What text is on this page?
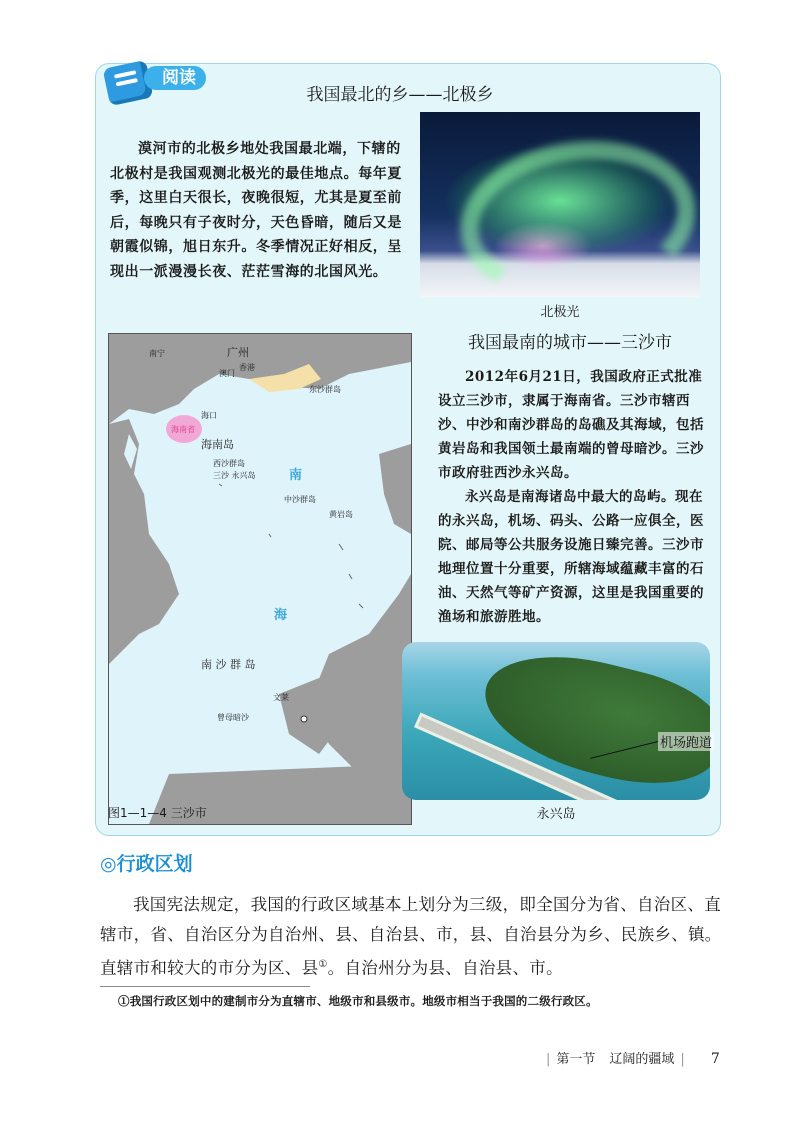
阅读
我国最北的乡——北极乡

漠河市的北极乡地处我国最北端，下辖的北极村是我国观测北极光的最佳地点。每年夏季，这里白天很长，夜晚很短，尤其是夏至前后，每晚只有子夜时分，天色昏暗，随后又是朝霞似锦，旭日东升。冬季情况正好相反，呈现出一派漫漫长夜、茫茫雪海的北国风光。

北极光
南宁	广州
香港
澳门
海口
海南省
海南岛
西沙群岛
三沙 永兴岛
东沙群岛
中沙群岛
黄岩岛
南
海
南 沙 群 岛
文莱
曾母暗沙
图1—1—4 三沙市
我国最南的城市——三沙市

2012年6月21日，我国政府正式批准设立三沙市，隶属于海南省。三沙市辖西沙、中沙和南沙群岛的岛礁及其海域，包括黄岩岛和我国领土最南端的曾母暗沙。三沙市政府驻西沙永兴岛。

永兴岛是南海诸岛中最大的岛屿。现在的永兴岛，机场、码头、公路一应俱全，医院、邮局等公共服务设施日臻完善。三沙市地理位置十分重要，所辖海域蕴藏丰富的石油、天然气等矿产资源，这里是我国重要的渔场和旅游胜地。

机场跑道
永兴岛
◎行政区划

我国宪法规定，我国的行政区域基本上划分为三级，即全国分为省、自治区、直辖市，省、自治区分为自治州、县、自治县、市，县、自治县分为乡、民族乡、镇。直辖市和较大的市分为区、县①。自治州分为县、自治县、市。

①我国行政区划中的建制市分为直辖市、地级市和县级市。地级市相当于我国的二级行政区。
| 第一节 辽阔的疆域 | 7
